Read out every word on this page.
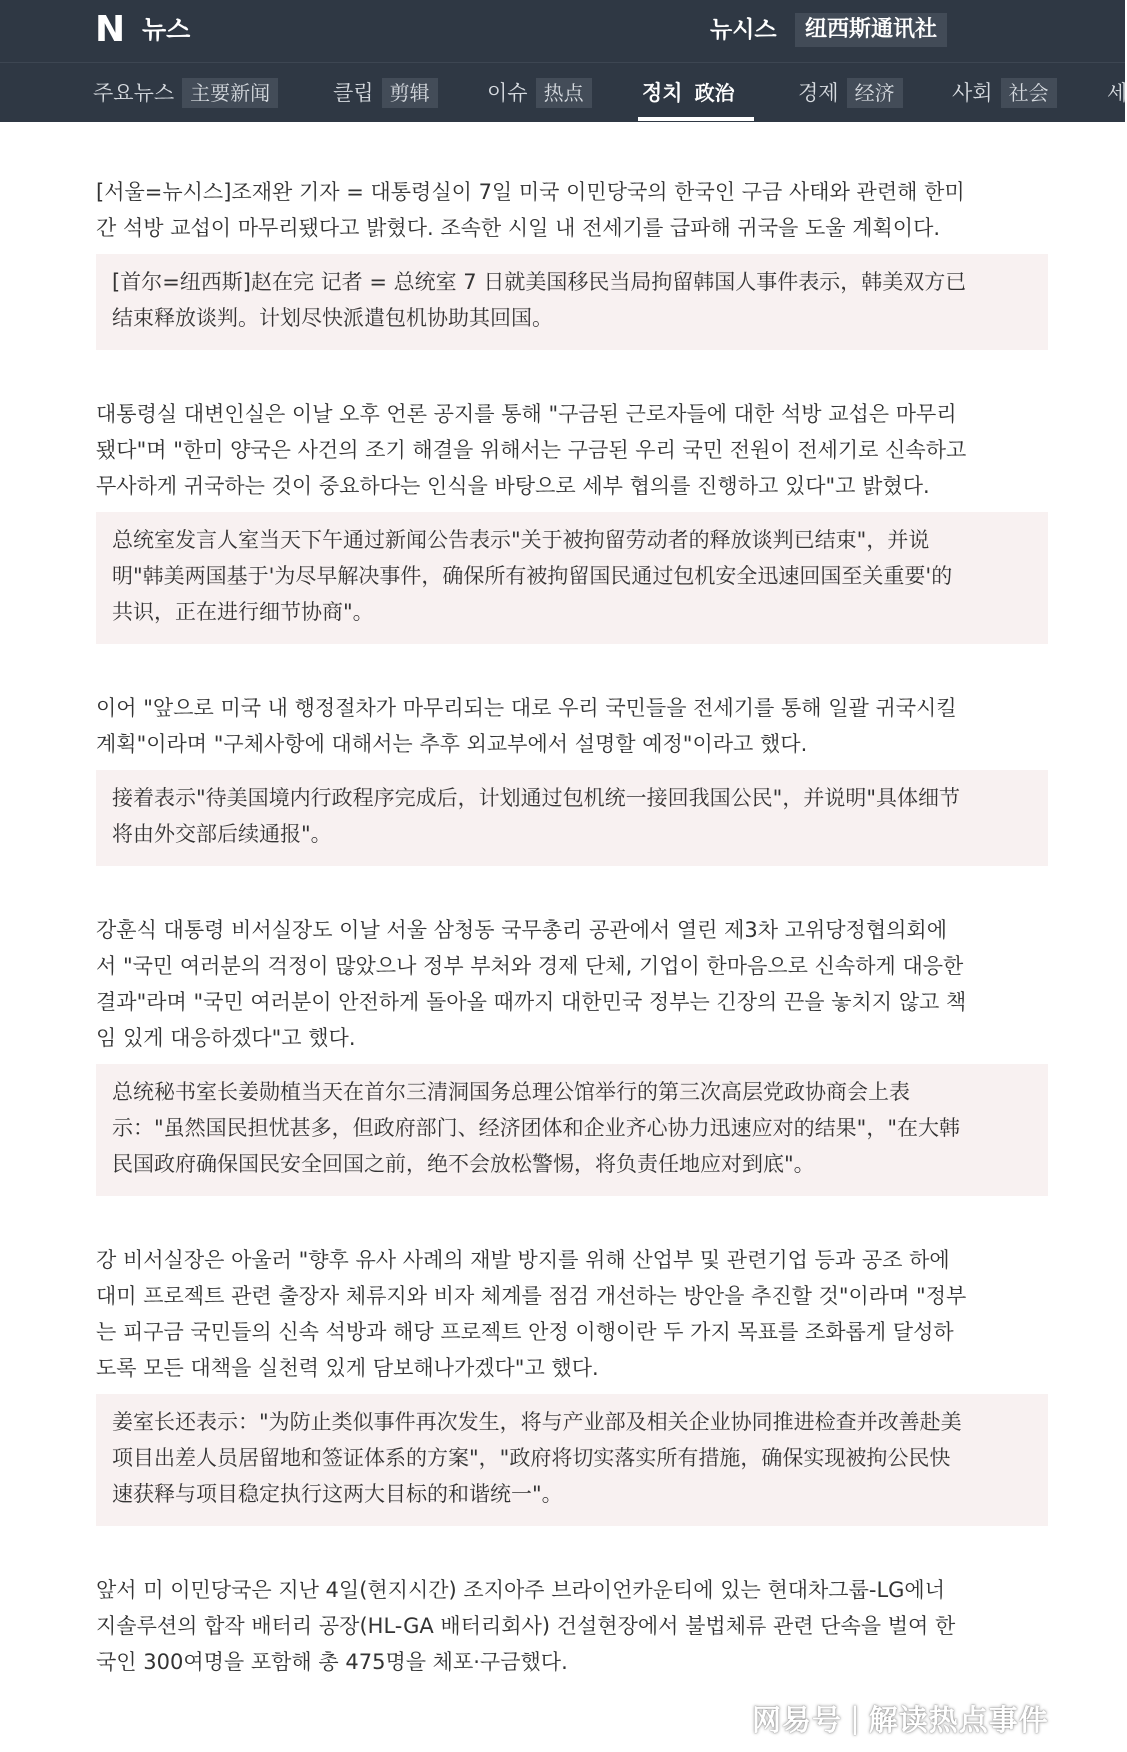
N 뉴스	뉴시스	纽西斯通讯社
주요뉴스 主要新闻	클립 剪辑	이슈 热点	정치 政治	경제 经济	사회 社会	세

[서울=뉴시스]조재완 기자 = 대통령실이 7일 미국 이민당국의 한국인 구금 사태와 관련해 한미
간 석방 교섭이 마무리됐다고 밝혔다. 조속한 시일 내 전세기를 급파해 귀국을 도울 계획이다.

[首尔=纽西斯]赵在完 记者 = 总统室 7 日就美国移民当局拘留韩国人事件表示，韩美双方已
结束释放谈判。计划尽快派遣包机协助其回国。

대통령실 대변인실은 이날 오후 언론 공지를 통해 "구금된 근로자들에 대한 석방 교섭은 마무리
됐다"며 "한미 양국은 사건의 조기 해결을 위해서는 구금된 우리 국민 전원이 전세기로 신속하고
무사하게 귀국하는 것이 중요하다는 인식을 바탕으로 세부 협의를 진행하고 있다"고 밝혔다.

总统室发言人室当天下午通过新闻公告表示"关于被拘留劳动者的释放谈判已结束"，并说
明"韩美两国基于'为尽早解决事件，确保所有被拘留国民通过包机安全迅速回国至关重要'的
共识，正在进行细节协商"。

이어 "앞으로 미국 내 행정절차가 마무리되는 대로 우리 국민들을 전세기를 통해 일괄 귀국시킬
계획"이라며 "구체사항에 대해서는 추후 외교부에서 설명할 예정"이라고 했다.

接着表示"待美国境内行政程序完成后，计划通过包机统一接回我国公民"，并说明"具体细节
将由外交部后续通报"。

강훈식 대통령 비서실장도 이날 서울 삼청동 국무총리 공관에서 열린 제3차 고위당정협의회에
서 "국민 여러분의 걱정이 많았으나 정부 부처와 경제 단체, 기업이 한마음으로 신속하게 대응한
결과"라며 "국민 여러분이 안전하게 돌아올 때까지 대한민국 정부는 긴장의 끈을 놓치지 않고 책
임 있게 대응하겠다"고 했다.

总统秘书室长姜勋植当天在首尔三清洞国务总理公馆举行的第三次高层党政协商会上表
示："虽然国民担忧甚多，但政府部门、经济团体和企业齐心协力迅速应对的结果"，"在大韩
民国政府确保国民安全回国之前，绝不会放松警惕，将负责任地应对到底"。

강 비서실장은 아울러 "향후 유사 사례의 재발 방지를 위해 산업부 및 관련기업 등과 공조 하에
대미 프로젝트 관련 출장자 체류지와 비자 체계를 점검 개선하는 방안을 추진할 것"이라며 "정부
는 피구금 국민들의 신속 석방과 해당 프로젝트 안정 이행이란 두 가지 목표를 조화롭게 달성하
도록 모든 대책을 실천력 있게 담보해나가겠다"고 했다.

姜室长还表示："为防止类似事件再次发生，将与产业部及相关企业协同推进检查并改善赴美
项目出差人员居留地和签证体系的方案"，"政府将切实落实所有措施，确保实现被拘公民快
速获释与项目稳定执行这两大目标的和谐统一"。

앞서 미 이민당국은 지난 4일(현지시간) 조지아주 브라이언카운티에 있는 현대차그룹-LG에너
지솔루션의 합작 배터리 공장(HL-GA 배터리회사) 건설현장에서 불법체류 관련 단속을 벌여 한
국인 300여명을 포함해 총 475명을 체포·구금했다.

网易号 | 解读热点事件
